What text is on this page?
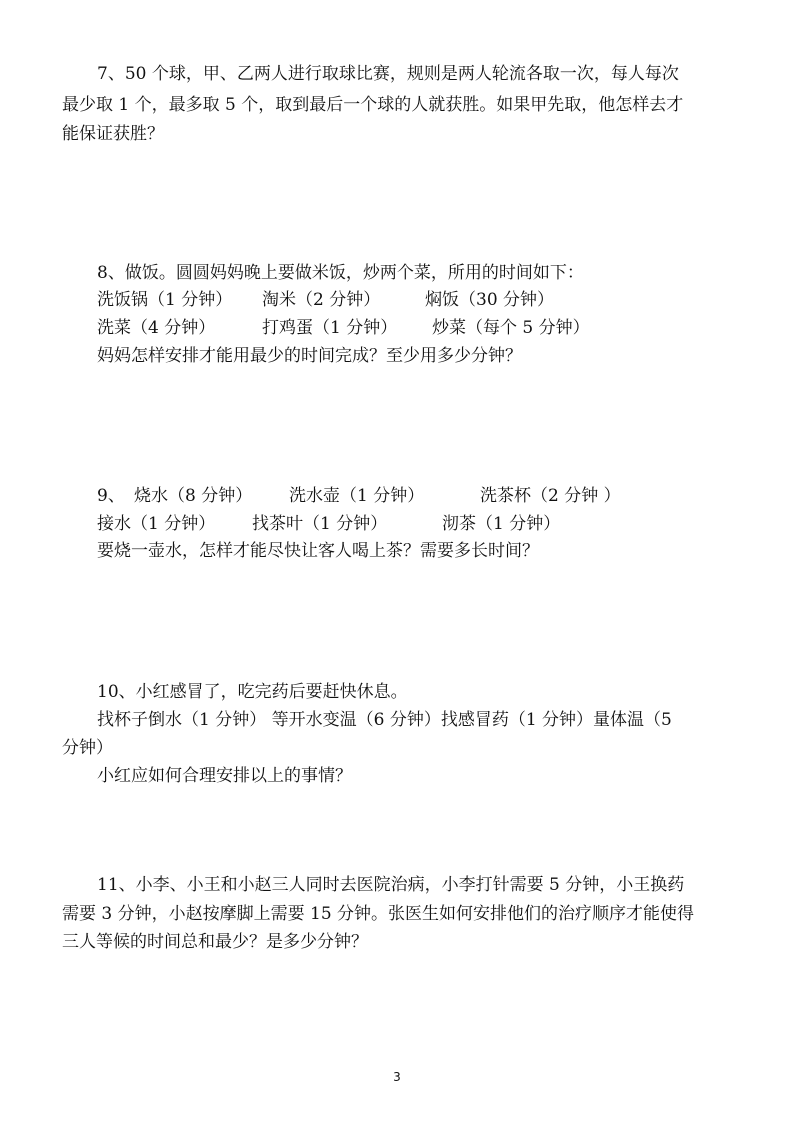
7、50 个球，甲、乙两人进行取球比赛，规则是两人轮流各取一次，每人每次
最少取 1 个，最多取 5 个，取到最后一个球的人就获胜。如果甲先取，他怎样去才
能保证获胜？
8、做饭。圆圆妈妈晚上要做米饭，炒两个菜，所用的时间如下：
洗饭锅（1 分钟） 淘米（2 分钟）	焖饭（30 分钟）
洗菜（4 分钟）	打鸡蛋（1 分钟） 炒菜（每个 5 分钟）
妈妈怎样安排才能用最少的时间完成？至少用多少分钟？
9、 烧水（8 分钟） 洗水壶（1 分钟）	洗茶杯（2 分钟 ）
接水（1 分钟） 找茶叶（1 分钟）	沏茶（1 分钟）
要烧一壶水，怎样才能尽快让客人喝上茶？需要多长时间？
10、小红感冒了，吃完药后要赶快休息。
找杯子倒水（1 分钟） 等开水变温（6 分钟）找感冒药（1 分钟）量体温（5
分钟）
小红应如何合理安排以上的事情？
11、小李、小王和小赵三人同时去医院治病，小李打针需要 5 分钟，小王换药
需要 3 分钟，小赵按摩脚上需要 15 分钟。张医生如何安排他们的治疗顺序才能使得
三人等候的时间总和最少？是多少分钟？
3
